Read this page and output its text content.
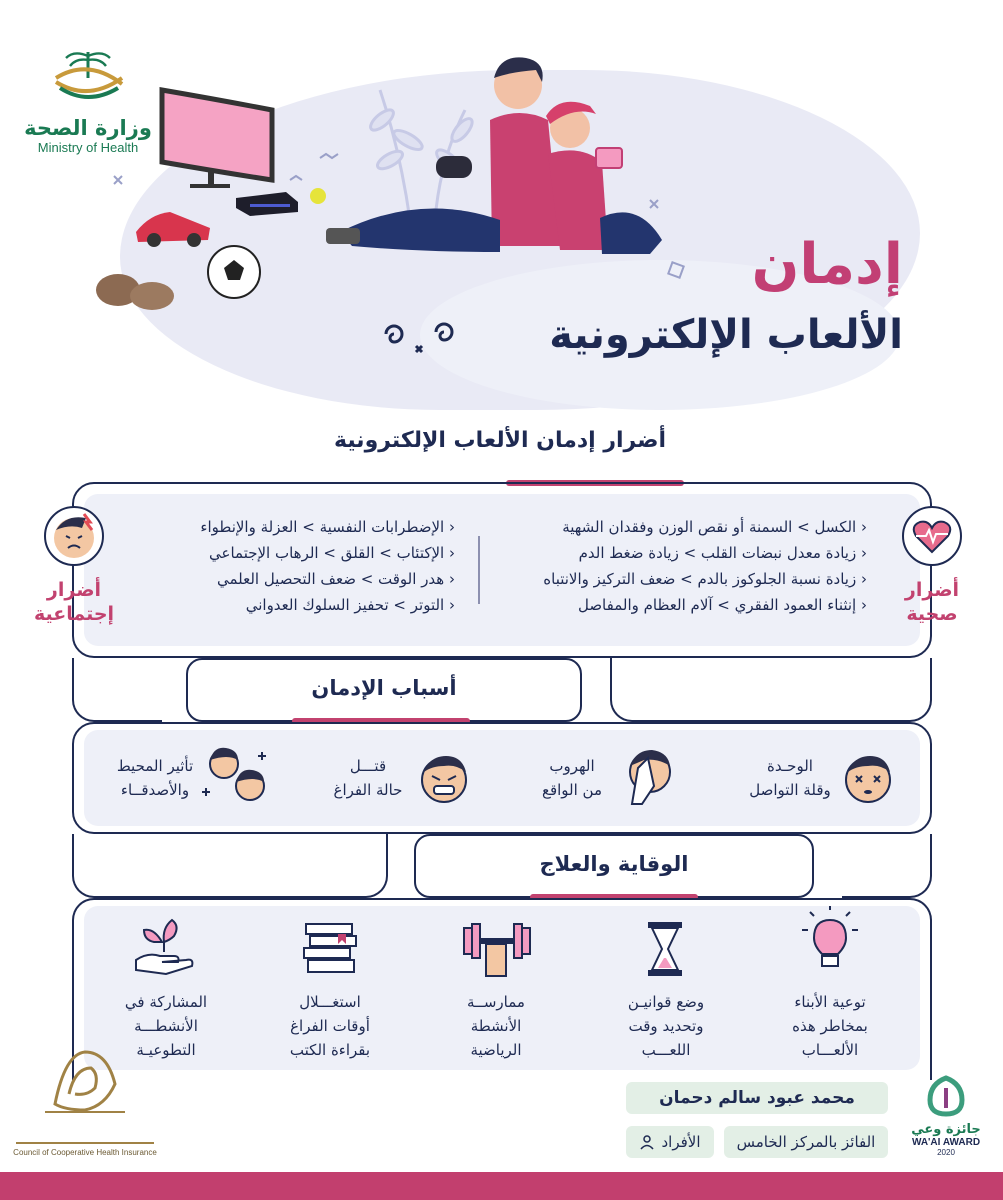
وزارة الصحة
Ministry of Health
إدمان
الألعاب الإلكترونية
أضرار إدمان الألعاب الإلكترونية
‹ الكسل > السمنة أو نقص الوزن وفقدان الشهية
‹ زيادة معدل نبضات القلب > زيادة ضغط الدم
‹ زيادة نسبة الجلوكوز بالدم > ضعف التركيز والانتباه
‹ إنثناء العمود الفقري > آلام العظام والمفاصل
‹ الإضطرابات النفسية > العزلة والإنطواء
‹ الإكتئاب > القلق > الرهاب الإجتماعي
‹ هدر الوقت > ضعف التحصيل العلمي
‹ التوتر > تحفيز السلوك العدواني
أضرار
صحية
أضرار
إجتماعية
أسباب الإدمان
الوحـدة
وقلة التواصل
الهروب
من الواقع
قتـــل
حالة الفراغ
تأثير المحيط
والأصدقــاء
الوقاية والعلاج
توعية الأبناء
بمخاطر هذه
الألعـــاب
وضع قوانيـن
وتحديد وقت
اللعـــب
ممارســة
الأنشطة
الرياضية
استغـــلال
أوقات الفراغ
بقراءة الكتب
المشاركة في
الأنشطـــة
التطوعيـة
محمد عبود سالم دحمان
الفائز بالمركز الخامس
الأفراد
جائزة وعي
WA'AI AWARD
2020
Council of Cooperative Health Insurance
